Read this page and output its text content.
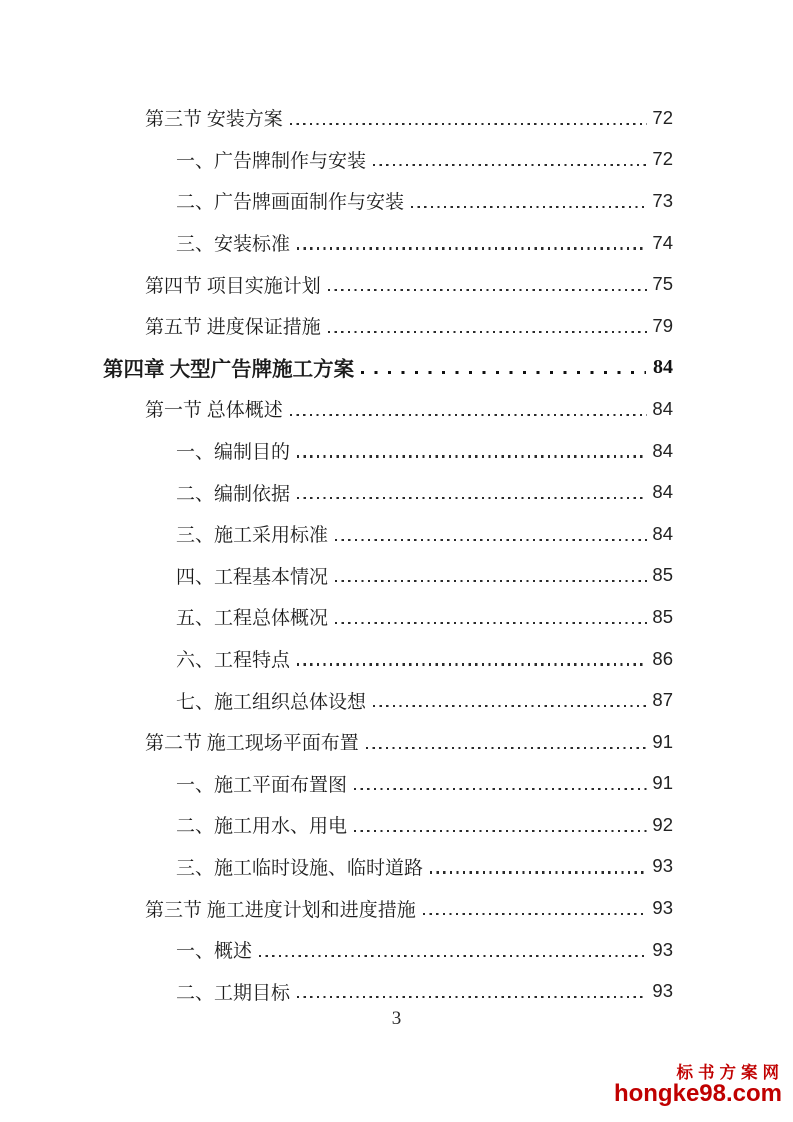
第三节 安装方案	72
一、广告牌制作与安装	72
二、广告牌画面制作与安装	73
三、安装标准	74
第四节 项目实施计划	75
第五节 进度保证措施	79
第四章 大型广告牌施工方案	84
第一节 总体概述	84
一、编制目的	84
二、编制依据	84
三、施工采用标准	84
四、工程基本情况	85
五、工程总体概况	85
六、工程特点	86
七、施工组织总体设想	87
第二节 施工现场平面布置	91
一、施工平面布置图	91
二、施工用水、用电	92
三、施工临时设施、临时道路	93
第三节 施工进度计划和进度措施	93
一、概述	93
二、工期目标	93
3
标书方案网
hongke98.com
